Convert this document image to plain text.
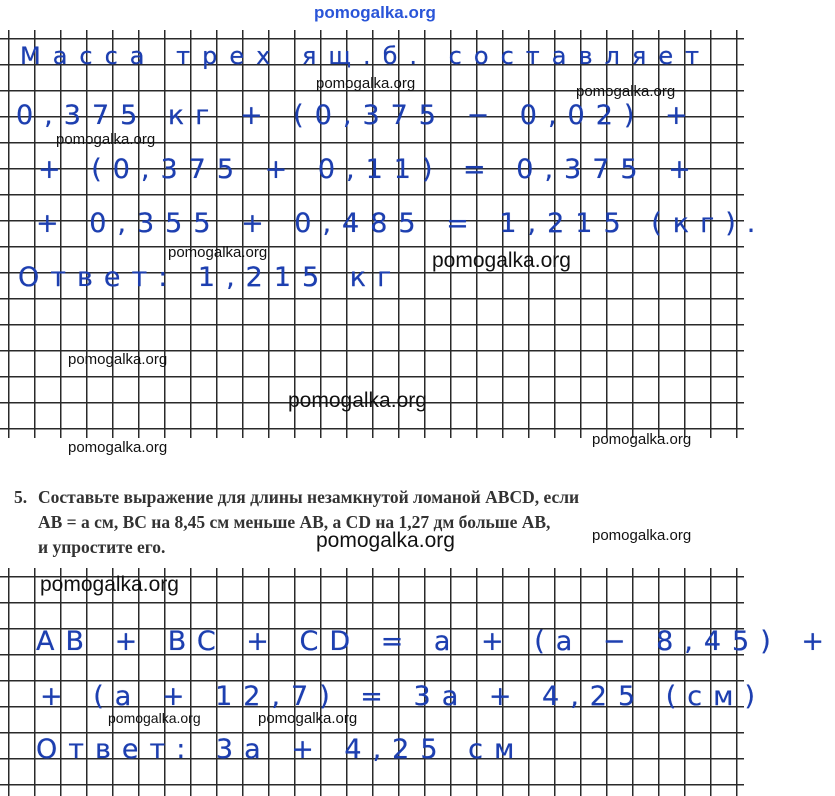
Масса трех ящ.б. составляет
0,375 кг + (0,375 − 0,02) +
+ (0,375 + 0,11) = 0,375 +
+ 0,355 + 0,485 = 1,215 (кг).
Ответ: 1,215 кг
5. Составьте выражение для длины незамкнутой ломаной ABCD, если
AB = a см, BC на 8,45 см меньше AB, а CD на 1,27 дм больше AB,
и упростите его.
AB + BC + CD = a + (a − 8,45) +
+ (a + 12,7) = 3a + 4,25 (см)
Ответ: 3a + 4,25 см
pomogalka.org
pomogalka.org	pomogalka.org
pomogalka.org
pomogalka.org	pomogalka.org
pomogalka.org
pomogalka.org
pomogalka.org	pomogalka.org
pomogalka.org
pomogalka.org
pomogalka.org
pomogalka.org	pomogalka.org
